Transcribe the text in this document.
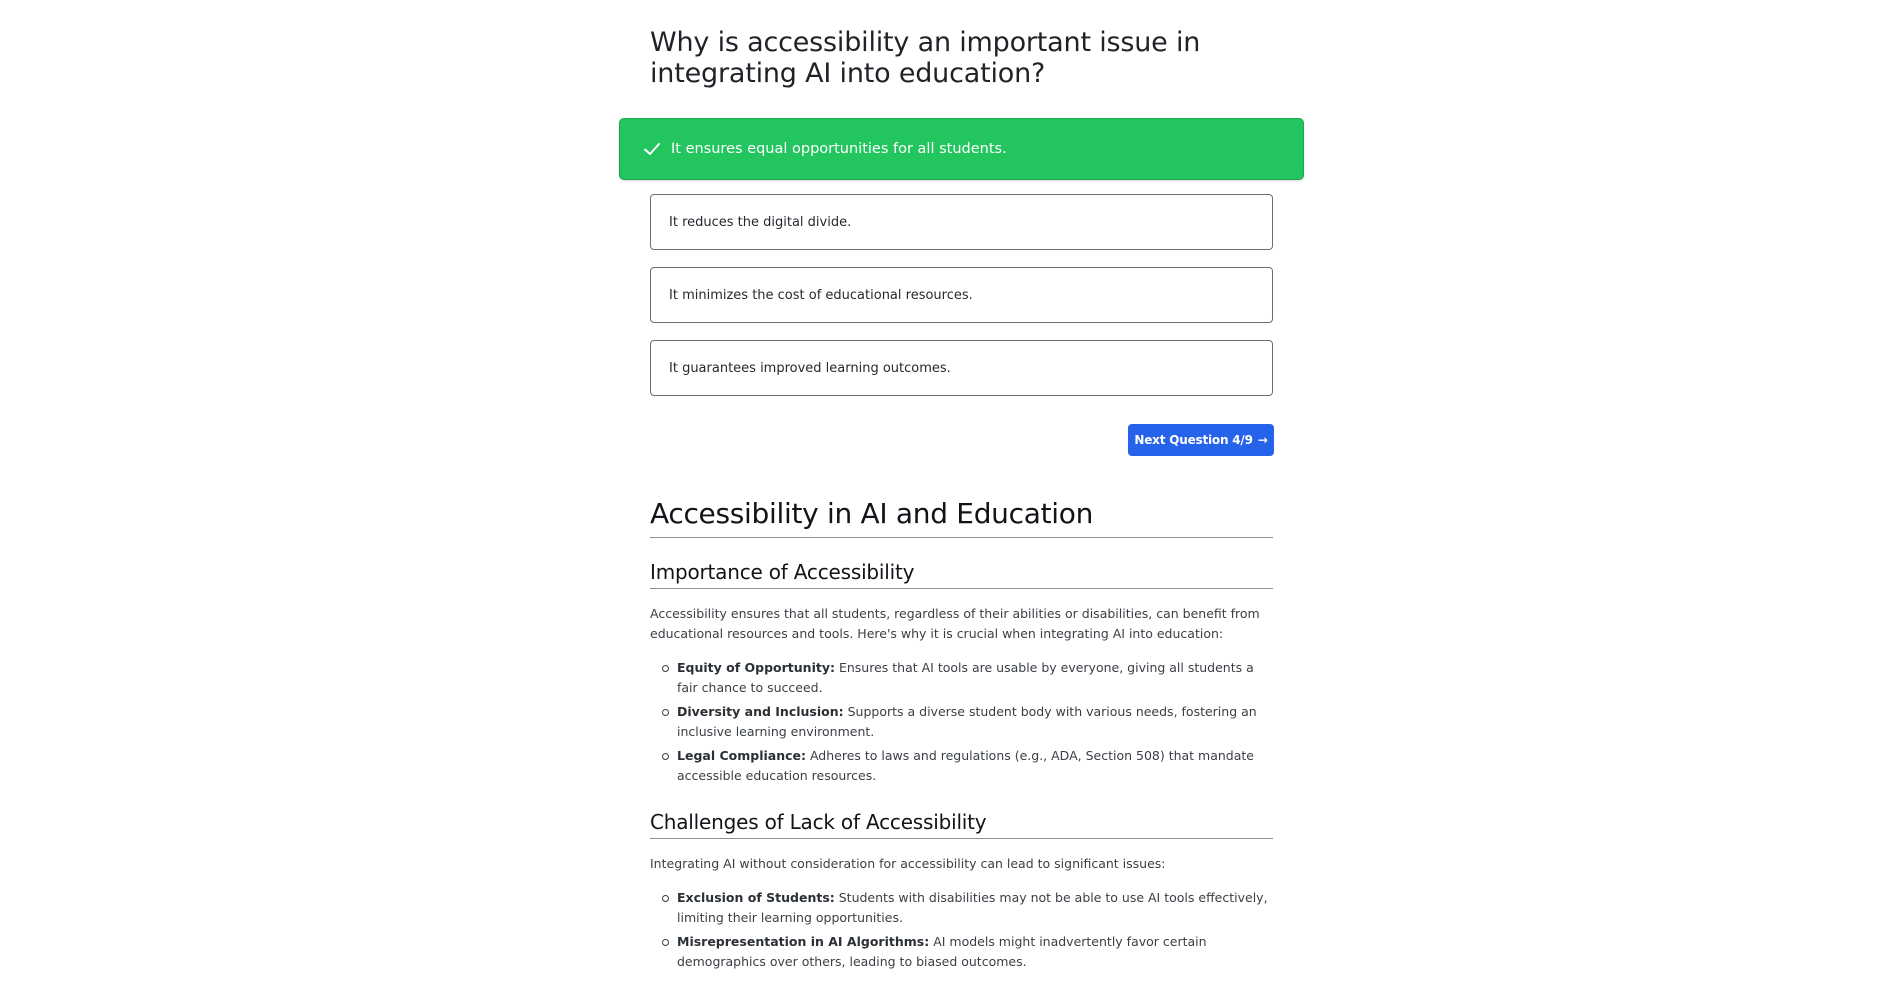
Why is accessibility an important issue in integrating AI into education?
It ensures equal opportunities for all students.
It reduces the digital divide.
It minimizes the cost of educational resources.
It guarantees improved learning outcomes.
Next Question 4/9 →
Accessibility in AI and Education
Importance of Accessibility

Accessibility ensures that all students, regardless of their abilities or disabilities, can benefit from educational resources and tools. Here's why it is crucial when integrating AI into education:

Equity of Opportunity: Ensures that AI tools are usable by everyone, giving all students a fair chance to succeed.
Diversity and Inclusion: Supports a diverse student body with various needs, fostering an inclusive learning environment.
Legal Compliance: Adheres to laws and regulations (e.g., ADA, Section 508) that mandate accessible education resources.
Challenges of Lack of Accessibility

Integrating AI without consideration for accessibility can lead to significant issues:

Exclusion of Students: Students with disabilities may not be able to use AI tools effectively, limiting their learning opportunities.
Misrepresentation in AI Algorithms: AI models might inadvertently favor certain demographics over others, leading to biased outcomes.
